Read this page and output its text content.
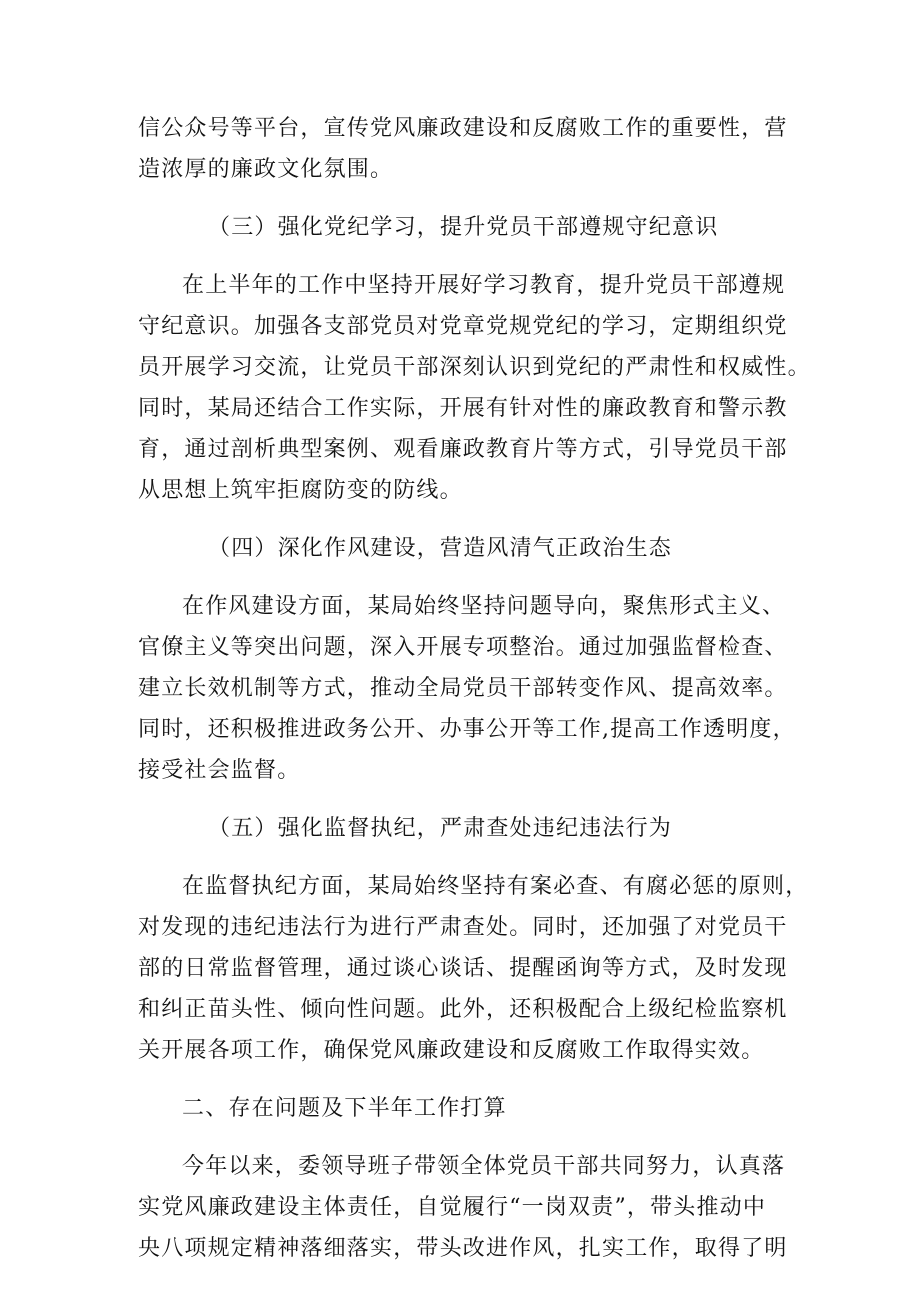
信公众号等平台，宣传党风廉政建设和反腐败工作的重要性，营
造浓厚的廉政文化氛围。
（三）强化党纪学习，提升党员干部遵规守纪意识
在上半年的工作中坚持开展好学习教育，提升党员干部遵规
守纪意识。加强各支部党员对党章党规党纪的学习，定期组织党
员开展学习交流，让党员干部深刻认识到党纪的严肃性和权威性。
同时，某局还结合工作实际，开展有针对性的廉政教育和警示教
育，通过剖析典型案例、观看廉政教育片等方式，引导党员干部
从思想上筑牢拒腐防变的防线。
（四）深化作风建设，营造风清气正政治生态
在作风建设方面，某局始终坚持问题导向，聚焦形式主义、
官僚主义等突出问题，深入开展专项整治。通过加强监督检查、
建立长效机制等方式，推动全局党员干部转变作风、提高效率。
同时，还积极推进政务公开、办事公开等工作,提高工作透明度，
接受社会监督。
（五）强化监督执纪，严肃查处违纪违法行为
在监督执纪方面，某局始终坚持有案必查、有腐必惩的原则，
对发现的违纪违法行为进行严肃查处。同时，还加强了对党员干
部的日常监督管理，通过谈心谈话、提醒函询等方式，及时发现
和纠正苗头性、倾向性问题。此外，还积极配合上级纪检监察机
关开展各项工作，确保党风廉政建设和反腐败工作取得实效。
二、存在问题及下半年工作打算
今年以来，委领导班子带领全体党员干部共同努力，认真落
实党风廉政建设主体责任，自觉履行“一岗双责”，带头推动中
央八项规定精神落细落实，带头改进作风，扎实工作，取得了明
